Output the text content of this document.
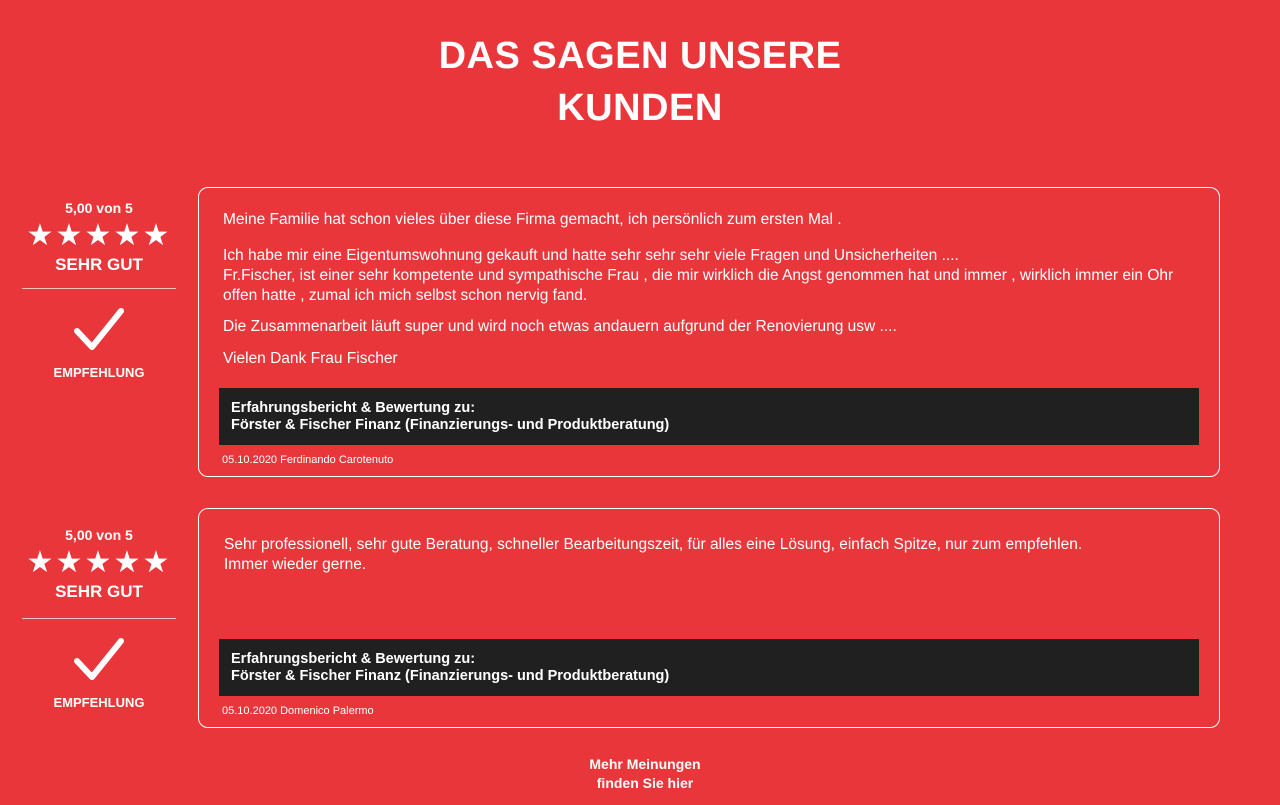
DAS SAGEN UNSERE
KUNDEN
5,00 von 5
★★★★★
SEHR GUT
EMPFEHLUNG

Meine Familie hat schon vieles über diese Firma gemacht, ich persönlich zum ersten Mal .

Ich habe mir eine Eigentumswohnung gekauft und hatte sehr sehr sehr viele Fragen und Unsicherheiten ....
Fr.Fischer, ist einer sehr kompetente und sympathische Frau , die mir wirklich die Angst genommen hat und immer , wirklich immer ein Ohr offen hatte , zumal ich mich selbst schon nervig fand.

Die Zusammenarbeit läuft super und wird noch etwas andauern aufgrund der Renovierung usw ....

Vielen Dank Frau Fischer

Erfahrungsbericht & Bewertung zu:
Förster & Fischer Finanz (Finanzierungs- und Produktberatung)
05.10.2020 Ferdinando Carotenuto
5,00 von 5
★★★★★
SEHR GUT
EMPFEHLUNG

Sehr professionell, sehr gute Beratung, schneller Bearbeitungszeit, für alles eine Lösung, einfach Spitze, nur zum empfehlen.
Immer wieder gerne.

Erfahrungsbericht & Bewertung zu:
Förster & Fischer Finanz (Finanzierungs- und Produktberatung)
05.10.2020 Domenico Palermo
Mehr Meinungen
finden Sie hier
